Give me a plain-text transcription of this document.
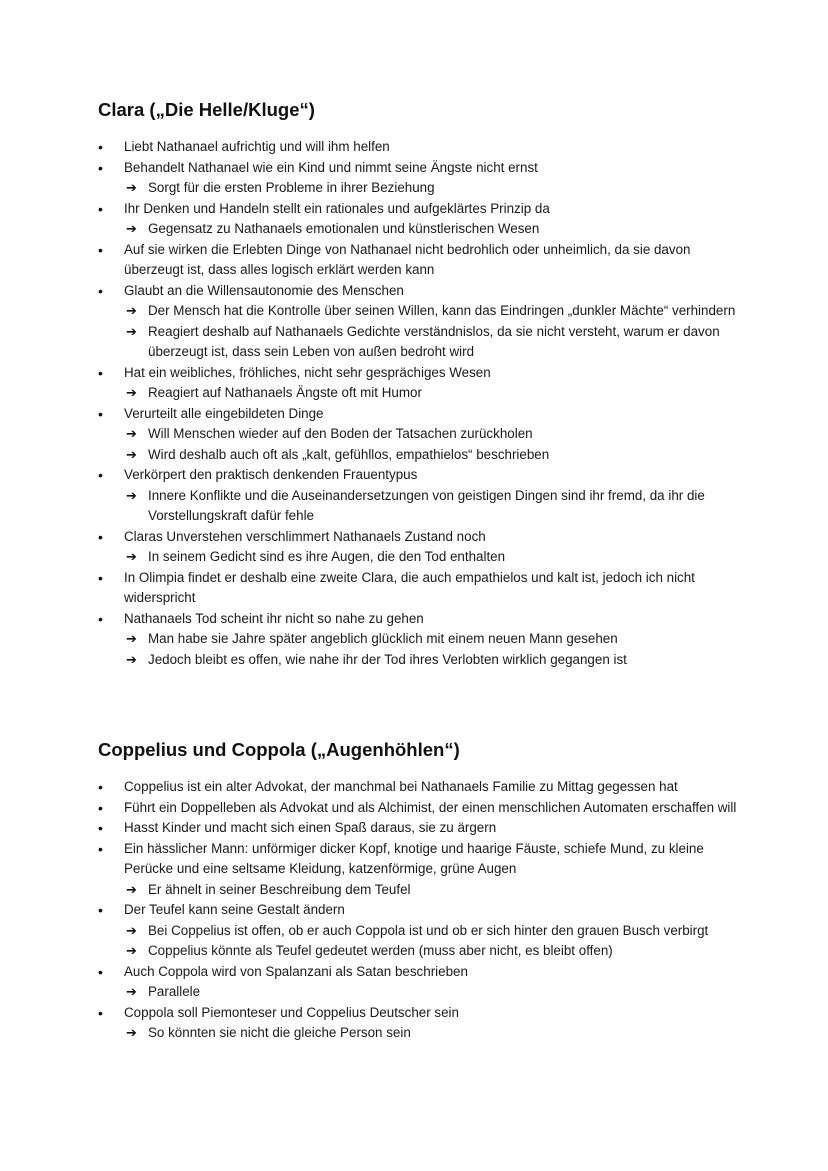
Clara („Die Helle/Kluge“)
• Liebt Nathanael aufrichtig und will ihm helfen
• Behandelt Nathanael wie ein Kind und nimmt seine Ängste nicht ernst
➔ Sorgt für die ersten Probleme in ihrer Beziehung
• Ihr Denken und Handeln stellt ein rationales und aufgeklärtes Prinzip da
➔ Gegensatz zu Nathanaels emotionalen und künstlerischen Wesen
• Auf sie wirken die Erlebten Dinge von Nathanael nicht bedrohlich oder unheimlich, da sie davon überzeugt ist, dass alles logisch erklärt werden kann
• Glaubt an die Willensautonomie des Menschen
➔ Der Mensch hat die Kontrolle über seinen Willen, kann das Eindringen „dunkler Mächte“ verhindern
➔ Reagiert deshalb auf Nathanaels Gedichte verständnislos, da sie nicht versteht, warum er davon überzeugt ist, dass sein Leben von außen bedroht wird
• Hat ein weibliches, fröhliches, nicht sehr gesprächiges Wesen
➔ Reagiert auf Nathanaels Ängste oft mit Humor
• Verurteilt alle eingebildeten Dinge
➔ Will Menschen wieder auf den Boden der Tatsachen zurückholen
➔ Wird deshalb auch oft als „kalt, gefühllos, empathielos“ beschrieben
• Verkörpert den praktisch denkenden Frauentypus
➔ Innere Konflikte und die Auseinandersetzungen von geistigen Dingen sind ihr fremd, da ihr die Vorstellungskraft dafür fehle
• Claras Unverstehen verschlimmert Nathanaels Zustand noch
➔ In seinem Gedicht sind es ihre Augen, die den Tod enthalten
• In Olimpia findet er deshalb eine zweite Clara, die auch empathielos und kalt ist, jedoch ich nicht widerspricht
• Nathanaels Tod scheint ihr nicht so nahe zu gehen
➔ Man habe sie Jahre später angeblich glücklich mit einem neuen Mann gesehen
➔ Jedoch bleibt es offen, wie nahe ihr der Tod ihres Verlobten wirklich gegangen ist
Coppelius und Coppola („Augenhöhlen“)
• Coppelius ist ein alter Advokat, der manchmal bei Nathanaels Familie zu Mittag gegessen hat
• Führt ein Doppelleben als Advokat und als Alchimist, der einen menschlichen Automaten erschaffen will
• Hasst Kinder und macht sich einen Spaß daraus, sie zu ärgern
• Ein hässlicher Mann: unförmiger dicker Kopf, knotige und haarige Fäuste, schiefe Mund, zu kleine Perücke und eine seltsame Kleidung, katzenförmige, grüne Augen
➔ Er ähnelt in seiner Beschreibung dem Teufel
• Der Teufel kann seine Gestalt ändern
➔ Bei Coppelius ist offen, ob er auch Coppola ist und ob er sich hinter den grauen Busch verbirgt
➔ Coppelius könnte als Teufel gedeutet werden (muss aber nicht, es bleibt offen)
• Auch Coppola wird von Spalanzani als Satan beschrieben
➔ Parallele
• Coppola soll Piemonteser und Coppelius Deutscher sein
➔ So könnten sie nicht die gleiche Person sein
